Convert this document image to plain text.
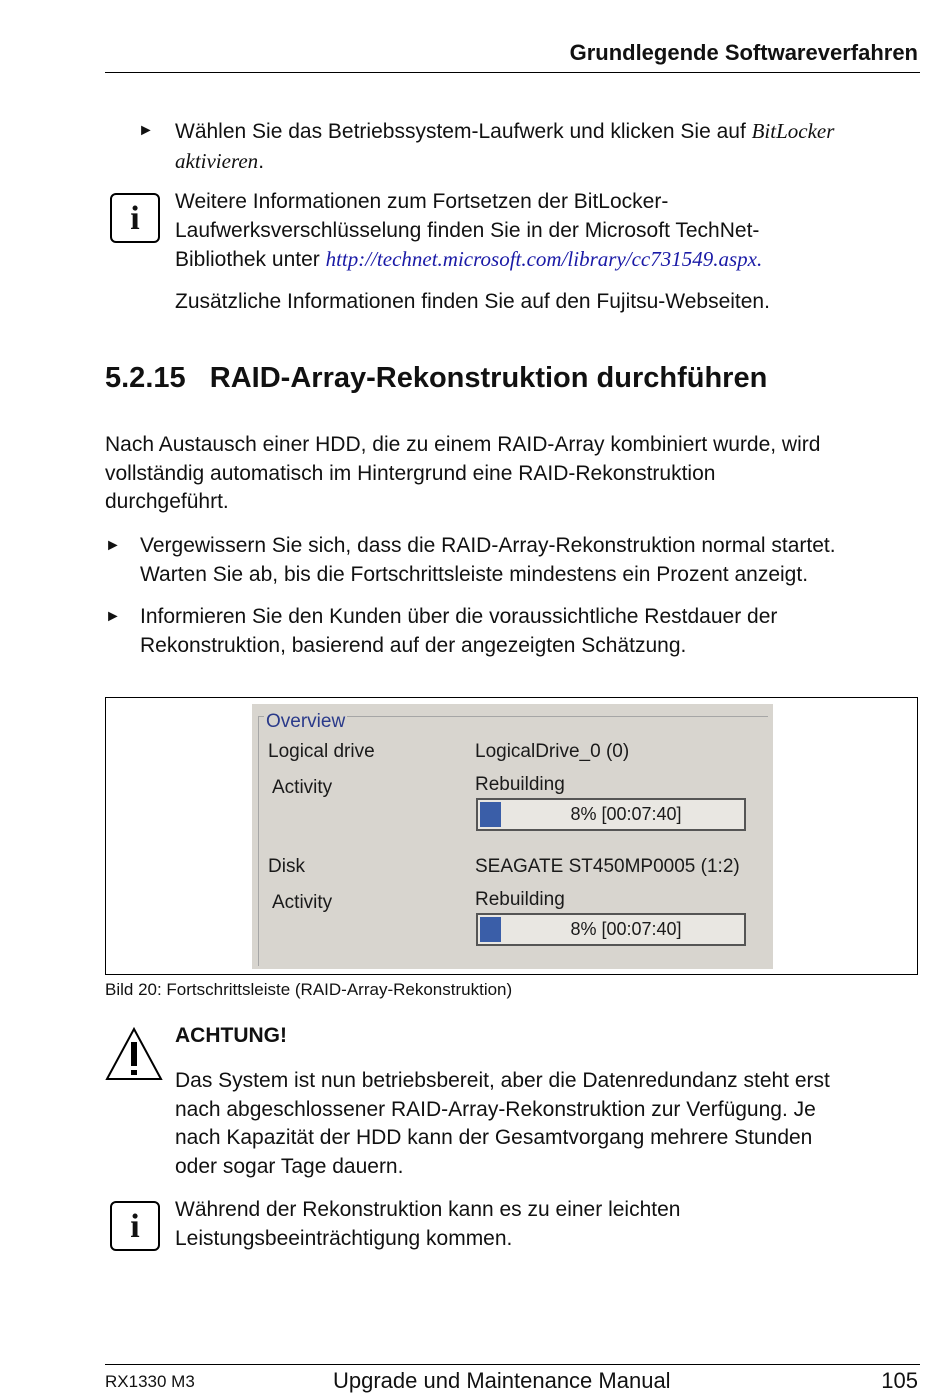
Grundlegende Softwareverfahren
► Wählen Sie das Betriebssystem-Laufwerk und klicken Sie auf BitLocker
aktivieren.
i	Weitere Informationen zum Fortsetzen der BitLocker-
Laufwerksverschlüsselung finden Sie in der Microsoft TechNet-
Bibliothek unter http://technet.microsoft.com/library/cc731549.aspx.
Zusätzliche Informationen finden Sie auf den Fujitsu-Webseiten.
5.2.15   RAID-Array-Rekonstruktion durchführen
Nach Austausch einer HDD, die zu einem RAID-Array kombiniert wurde, wird
vollständig automatisch im Hintergrund eine RAID-Rekonstruktion
durchgeführt.
► Vergewissern Sie sich, dass die RAID-Array-Rekonstruktion normal startet.
Warten Sie ab, bis die Fortschrittsleiste mindestens ein Prozent anzeigt.
► Informieren Sie den Kunden über die voraussichtliche Restdauer der
Rekonstruktion, basierend auf der angezeigten Schätzung.
Overview
Logical drive	LogicalDrive_0 (0)
Activity	Rebuilding
8% [00:07:40]
Disk	SEAGATE ST450MP0005 (1:2)
Activity	Rebuilding
8% [00:07:40]
Bild 20: Fortschrittsleiste (RAID-Array-Rekonstruktion)
ACHTUNG!
Das System ist nun betriebsbereit, aber die Datenredundanz steht erst
nach abgeschlossener RAID-Array-Rekonstruktion zur Verfügung. Je
nach Kapazität der HDD kann der Gesamtvorgang mehrere Stunden
oder sogar Tage dauern.
i	Während der Rekonstruktion kann es zu einer leichten
Leistungsbeeinträchtigung kommen.
RX1330 M3	Upgrade und Maintenance Manual	105
